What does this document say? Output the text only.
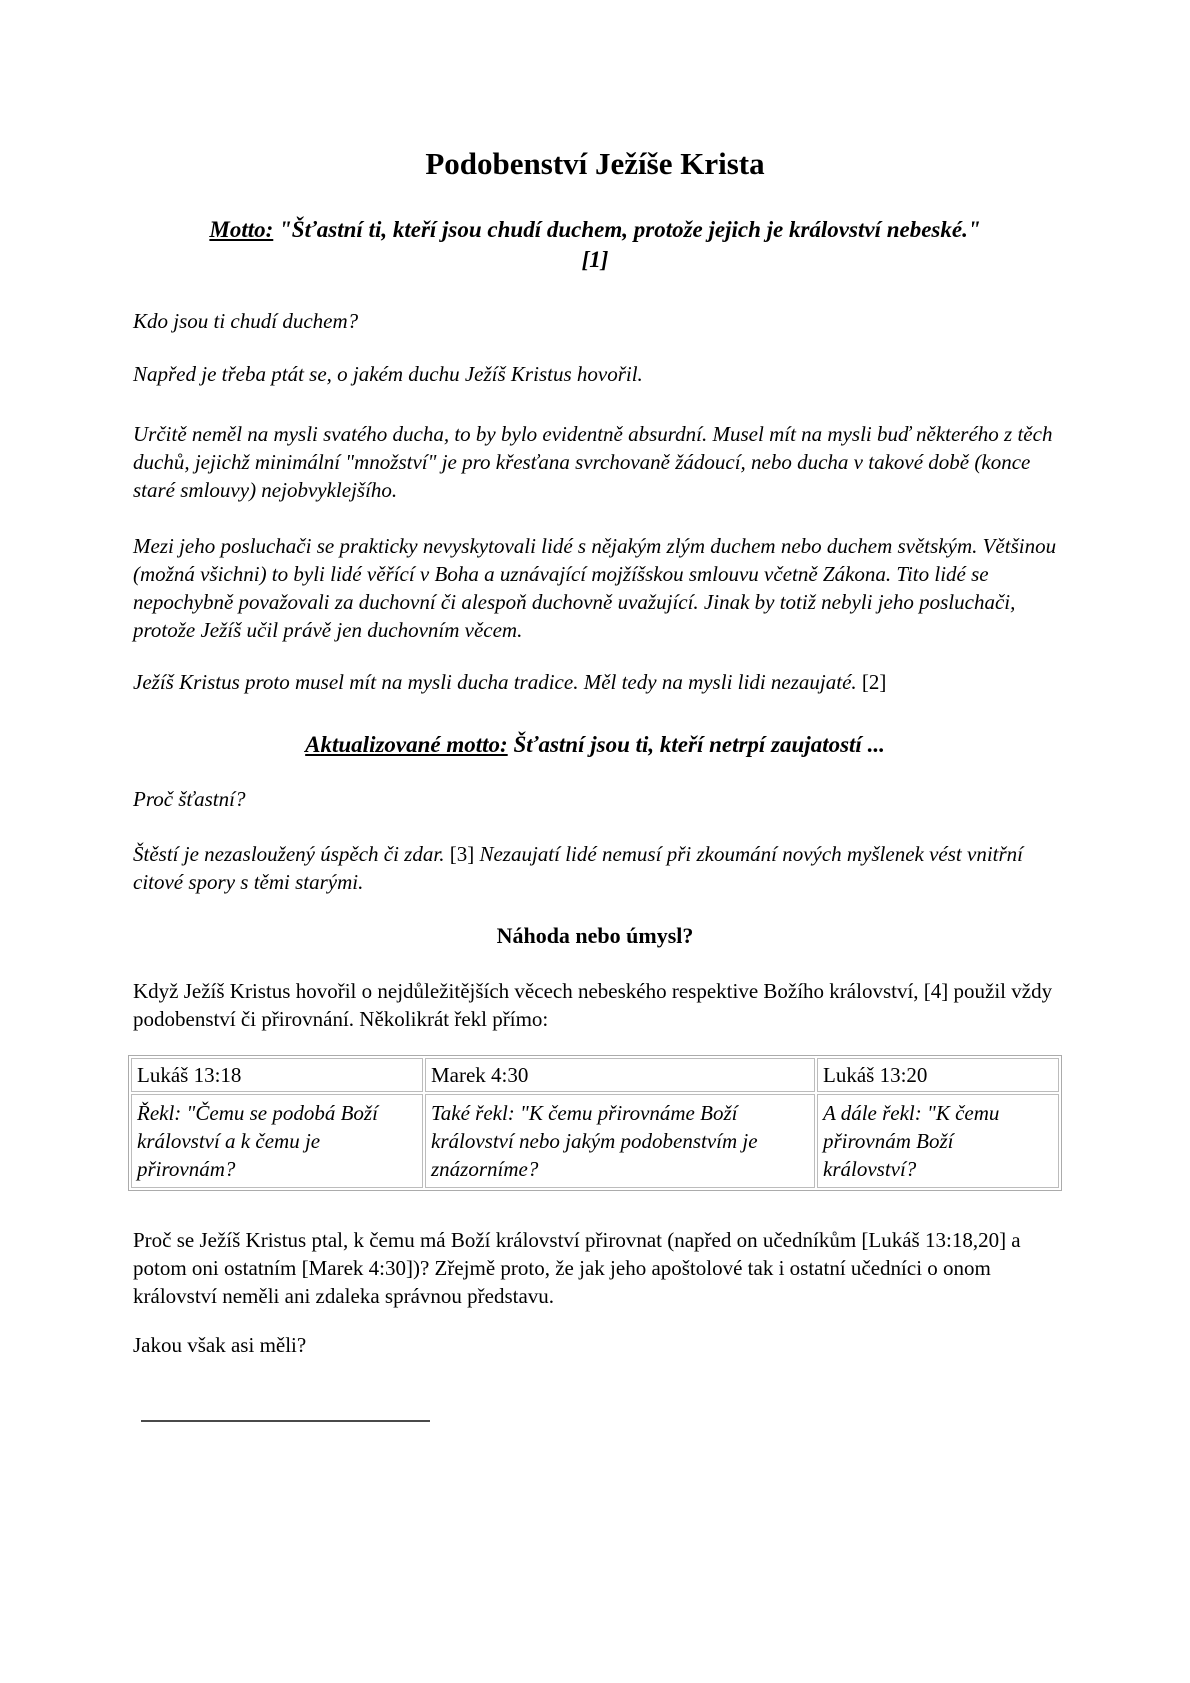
Podobenství Ježíše Krista
Motto: "Šťastní ti, kteří jsou chudí duchem, protože jejich je království nebeské."
[1]

Kdo jsou ti chudí duchem?

Napřed je třeba ptát se, o jakém duchu Ježíš Kristus hovořil.

Určitě neměl na mysli svatého ducha, to by bylo evidentně absurdní. Musel mít na mysli buď některého z těch duchů, jejichž minimální "množství" je pro křesťana svrchovaně žádoucí, nebo ducha v takové době (konce staré smlouvy) nejobvyklejšího.

Mezi jeho posluchači se prakticky nevyskytovali lidé s nějakým zlým duchem nebo duchem světským. Většinou (možná všichni) to byli lidé věřící v Boha a uznávající mojžíšskou smlouvu včetně Zákona. Tito lidé se nepochybně považovali za duchovní či alespoň duchovně uvažující. Jinak by totiž nebyli jeho posluchači, protože Ježíš učil právě jen duchovním věcem.

Ježíš Kristus proto musel mít na mysli ducha tradice. Měl tedy na mysli lidi nezaujaté. [2]

Aktualizované motto: Šťastní jsou ti, kteří netrpí zaujatostí ...

Proč šťastní?

Štěstí je nezasloužený úspěch či zdar. [3] Nezaujatí lidé nemusí při zkoumání nových myšlenek vést vnitřní citové spory s těmi starými.

Náhoda nebo úmysl?

Když Ježíš Kristus hovořil o nejdůležitějších věcech nebeského respektive Božího království, [4] použil vždy podobenství či přirovnání. Několikrát řekl přímo:

Lukáš 13:18	Marek 4:30	Lukáš 13:20
Řekl: "Čemu se podobá Boží království a k čemu je přirovnám?	Také řekl: "K čemu přirovnáme Boží království nebo jakým podobenstvím je znázorníme?	A dále řekl: "K čemu přirovnám Boží království?

Proč se Ježíš Kristus ptal, k čemu má Boží království přirovnat (napřed on učedníkům [Lukáš 13:18,20] a potom oni ostatním [Marek 4:30])? Zřejmě proto, že jak jeho apoštolové tak i ostatní učedníci o onom království neměli ani zdaleka správnou představu.

Jakou však asi měli?
